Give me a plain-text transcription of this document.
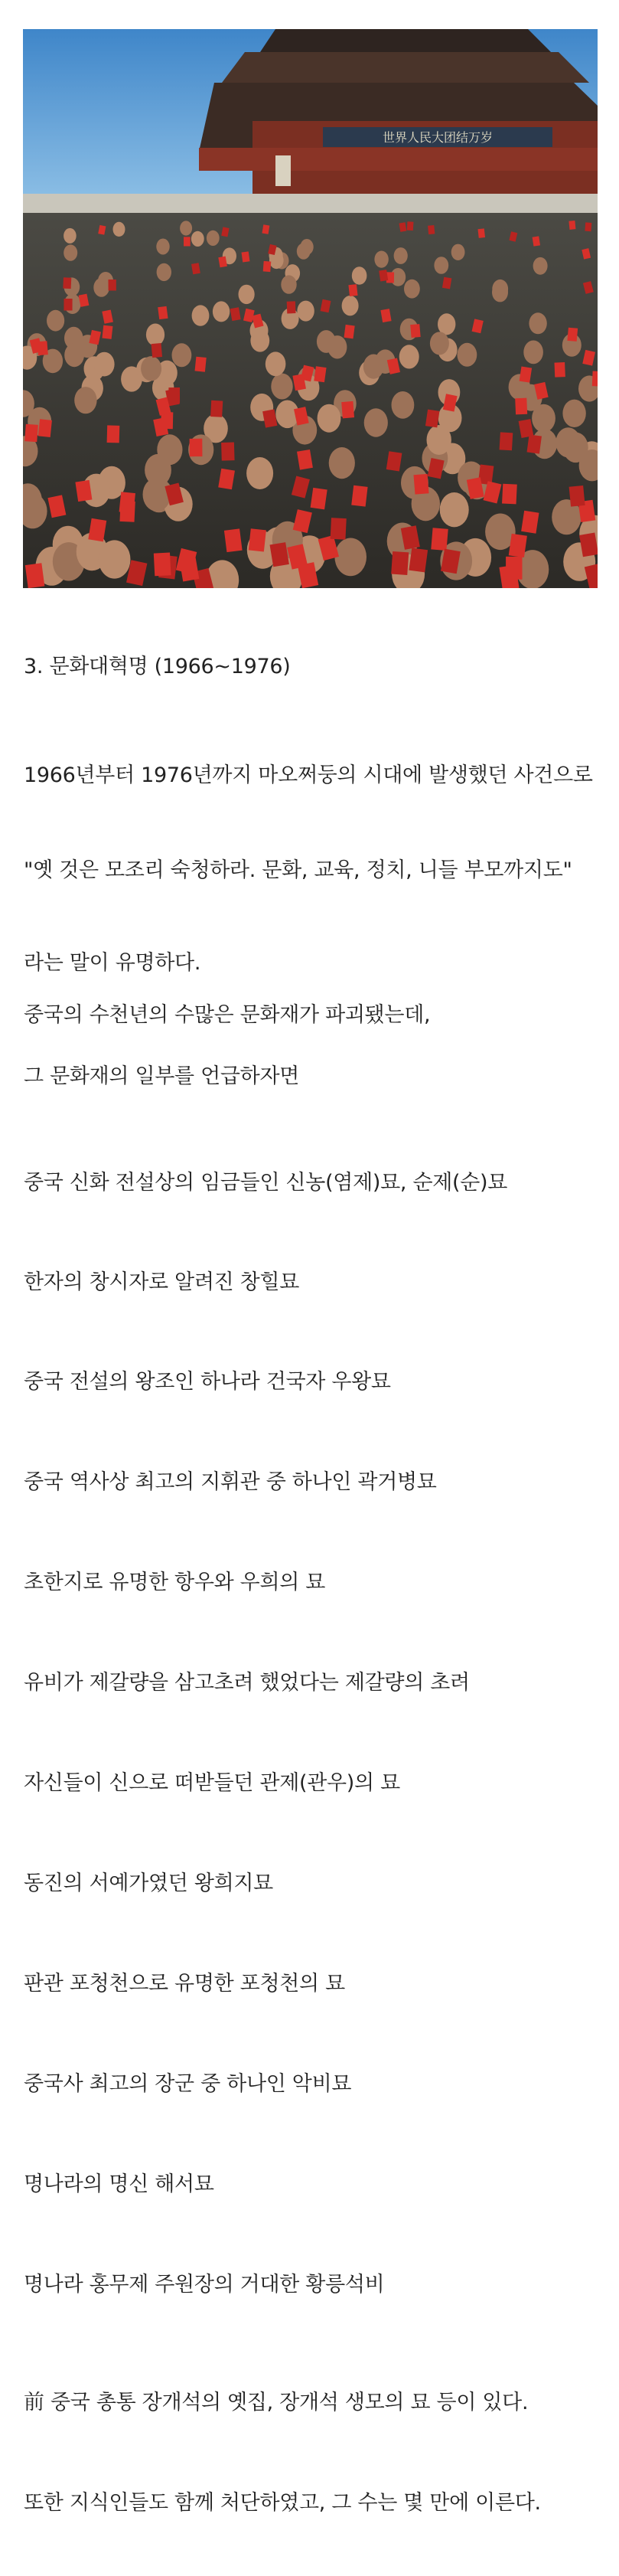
世界人民大团结万岁

3. 문화대혁명 (1966~1976)

1966년부터 1976년까지 마오쩌둥의 시대에 발생했던 사건으로

"옛 것은 모조리 숙청하라. 문화, 교육, 정치, 니들 부모까지도"

라는 말이 유명하다.

중국의 수천년의 수많은 문화재가 파괴됐는데,

그 문화재의 일부를 언급하자면

중국 신화 전설상의 임금들인 신농(염제)묘, 순제(순)묘

한자의 창시자로 알려진 창힐묘

중국 전설의 왕조인 하나라 건국자 우왕묘

중국 역사상 최고의 지휘관 중 하나인 곽거병묘

초한지로 유명한 항우와 우희의 묘

유비가 제갈량을 삼고초려 했었다는 제갈량의 초려

자신들이 신으로 떠받들던 관제(관우)의 묘

동진의 서예가였던 왕희지묘

판관 포청천으로 유명한 포청천의 묘

중국사 최고의 장군 중 하나인 악비묘

명나라의 명신 해서묘

명나라 홍무제 주원장의 거대한 황릉석비

前 중국 총통 장개석의 옛집, 장개석 생모의 묘 등이 있다.

또한 지식인들도 함께 처단하였고, 그 수는 몇 만에 이른다.
